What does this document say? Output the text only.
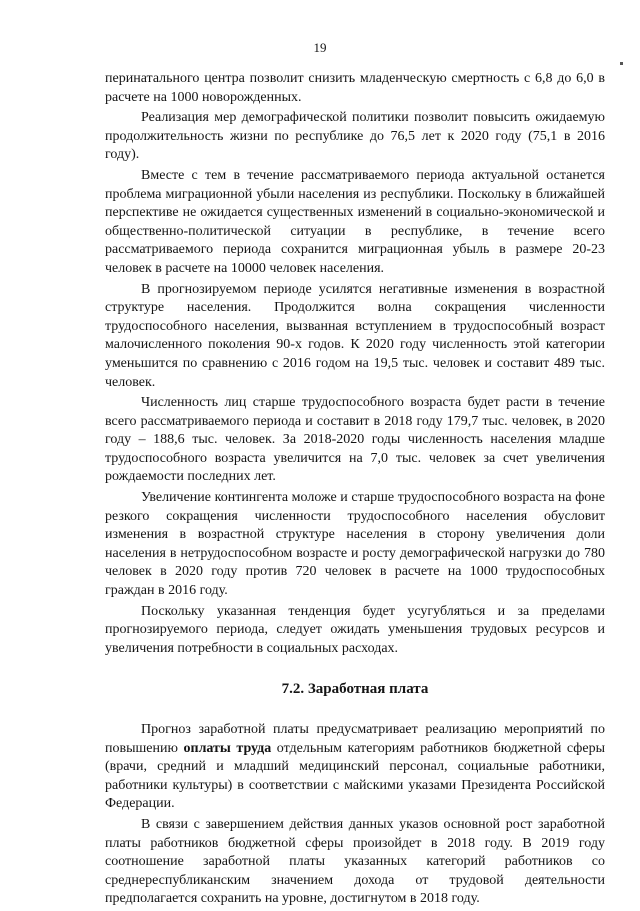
19

перинатального центра позволит снизить младенческую смертность с 6,8 до 6,0 в расчете на 1000 новорожденных.

Реализация мер демографической политики позволит повысить ожидаемую продолжительность жизни по республике до 76,5 лет к 2020 году (75,1 в 2016 году).

Вместе с тем в течение рассматриваемого периода актуальной останется проблема миграционной убыли населения из республики. Поскольку в ближайшей перспективе не ожидается существенных изменений в социально-экономической и общественно-политической ситуации в республике, в течение всего рассматриваемого периода сохранится миграционная убыль в размере 20-23 человек в расчете на 10000 человек населения.

В прогнозируемом периоде усилятся негативные изменения в возрастной структуре населения. Продолжится волна сокращения численности трудоспособного населения, вызванная вступлением в трудоспособный возраст малочисленного поколения 90-х годов. К 2020 году численность этой категории уменьшится по сравнению с 2016 годом на 19,5 тыс. человек и составит 489 тыс. человек.

Численность лиц старше трудоспособного возраста будет расти в течение всего рассматриваемого периода и составит в 2018 году 179,7 тыс. человек, в 2020 году – 188,6 тыс. человек. За 2018-2020 годы численность населения младше трудоспособного возраста увеличится на 7,0 тыс. человек за счет увеличения рождаемости последних лет.

Увеличение контингента моложе и старше трудоспособного возраста на фоне резкого сокращения численности трудоспособного населения обусловит изменения в возрастной структуре населения в сторону увеличения доли населения в нетрудоспособном возрасте и росту демографической нагрузки до 780 человек в 2020 году против 720 человек в расчете на 1000 трудоспособных граждан в 2016 году.

Поскольку указанная тенденция будет усугубляться и за пределами прогнозируемого периода, следует ожидать уменьшения трудовых ресурсов и увеличения потребности в социальных расходах.

7.2. Заработная плата

Прогноз заработной платы предусматривает реализацию мероприятий по повышению оплаты труда отдельным категориям работников бюджетной сферы (врачи, средний и младший медицинский персонал, социальные работники, работники культуры) в соответствии с майскими указами Президента Российской Федерации.

В связи с завершением действия данных указов основной рост заработной платы работников бюджетной сферы произойдет в 2018 году. В 2019 году соотношение заработной платы указанных категорий работников со среднереспубликанским значением дохода от трудовой деятельности предполагается сохранить на уровне, достигнутом в 2018 году.
